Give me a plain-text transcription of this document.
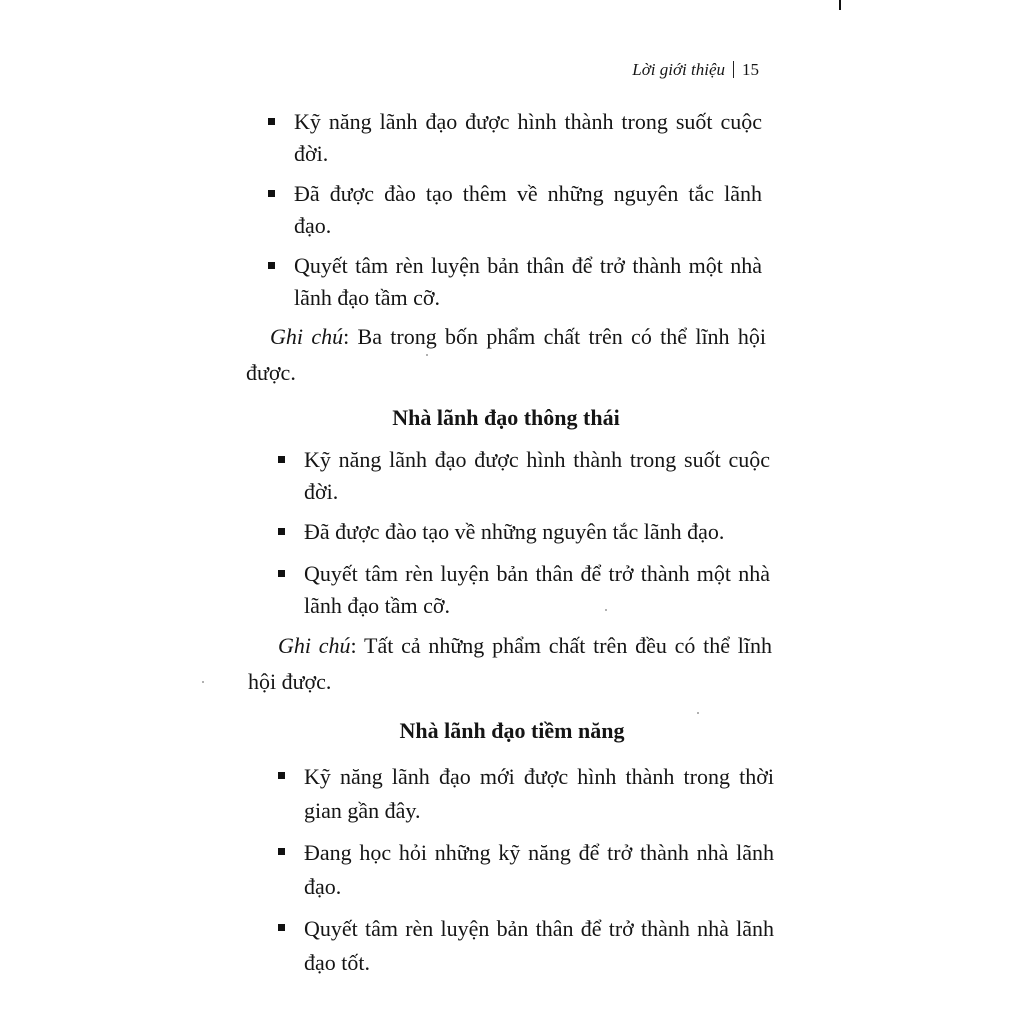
Lời giới thiệu 15
Kỹ năng lãnh đạo được hình thành trong suốt cuộc đời.
Đã được đào tạo thêm về những nguyên tắc lãnh đạo.
Quyết tâm rèn luyện bản thân để trở thành một nhà lãnh đạo tầm cỡ.
Ghi chú: Ba trong bốn phẩm chất trên có thể lĩnh hội được.
Nhà lãnh đạo thông thái
Kỹ năng lãnh đạo được hình thành trong suốt cuộc đời.
Đã được đào tạo về những nguyên tắc lãnh đạo.
Quyết tâm rèn luyện bản thân để trở thành một nhà lãnh đạo tầm cỡ.
Ghi chú: Tất cả những phẩm chất trên đều có thể lĩnh hội được.
Nhà lãnh đạo tiềm năng
Kỹ năng lãnh đạo mới được hình thành trong thời gian gần đây.
Đang học hỏi những kỹ năng để trở thành nhà lãnh đạo.
Quyết tâm rèn luyện bản thân để trở thành nhà lãnh đạo tốt.
